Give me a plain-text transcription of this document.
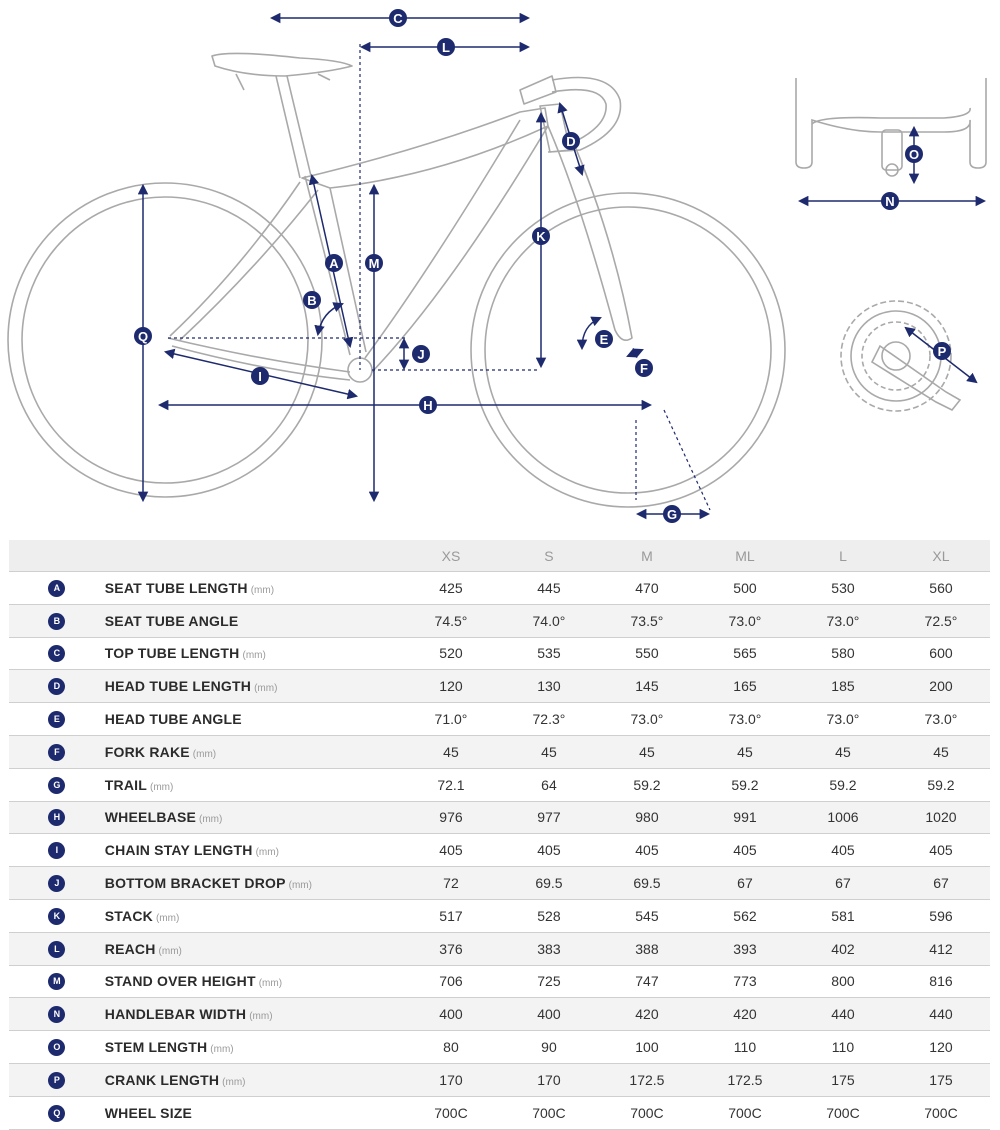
A
B
C
D
E
F
G
H
I
J
K
L
M
N
O
P
Q
		XS	S	M	ML	L	XL
A	SEAT TUBE LENGTH (mm)	425	445	470	500	530	560
B	SEAT TUBE ANGLE	74.5°	74.0°	73.5°	73.0°	73.0°	72.5°
C	TOP TUBE LENGTH (mm)	520	535	550	565	580	600
D	HEAD TUBE LENGTH (mm)	120	130	145	165	185	200
E	HEAD TUBE ANGLE	71.0°	72.3°	73.0°	73.0°	73.0°	73.0°
F	FORK RAKE (mm)	45	45	45	45	45	45
G	TRAIL (mm)	72.1	64	59.2	59.2	59.2	59.2
H	WHEELBASE (mm)	976	977	980	991	1006	1020
I	CHAIN STAY LENGTH (mm)	405	405	405	405	405	405
J	BOTTOM BRACKET DROP (mm)	72	69.5	69.5	67	67	67
K	STACK (mm)	517	528	545	562	581	596
L	REACH (mm)	376	383	388	393	402	412
M	STAND OVER HEIGHT (mm)	706	725	747	773	800	816
N	HANDLEBAR WIDTH (mm)	400	400	420	420	440	440
O	STEM LENGTH (mm)	80	90	100	110	110	120
P	CRANK LENGTH (mm)	170	170	172.5	172.5	175	175
Q	WHEEL SIZE	700C	700C	700C	700C	700C	700C
